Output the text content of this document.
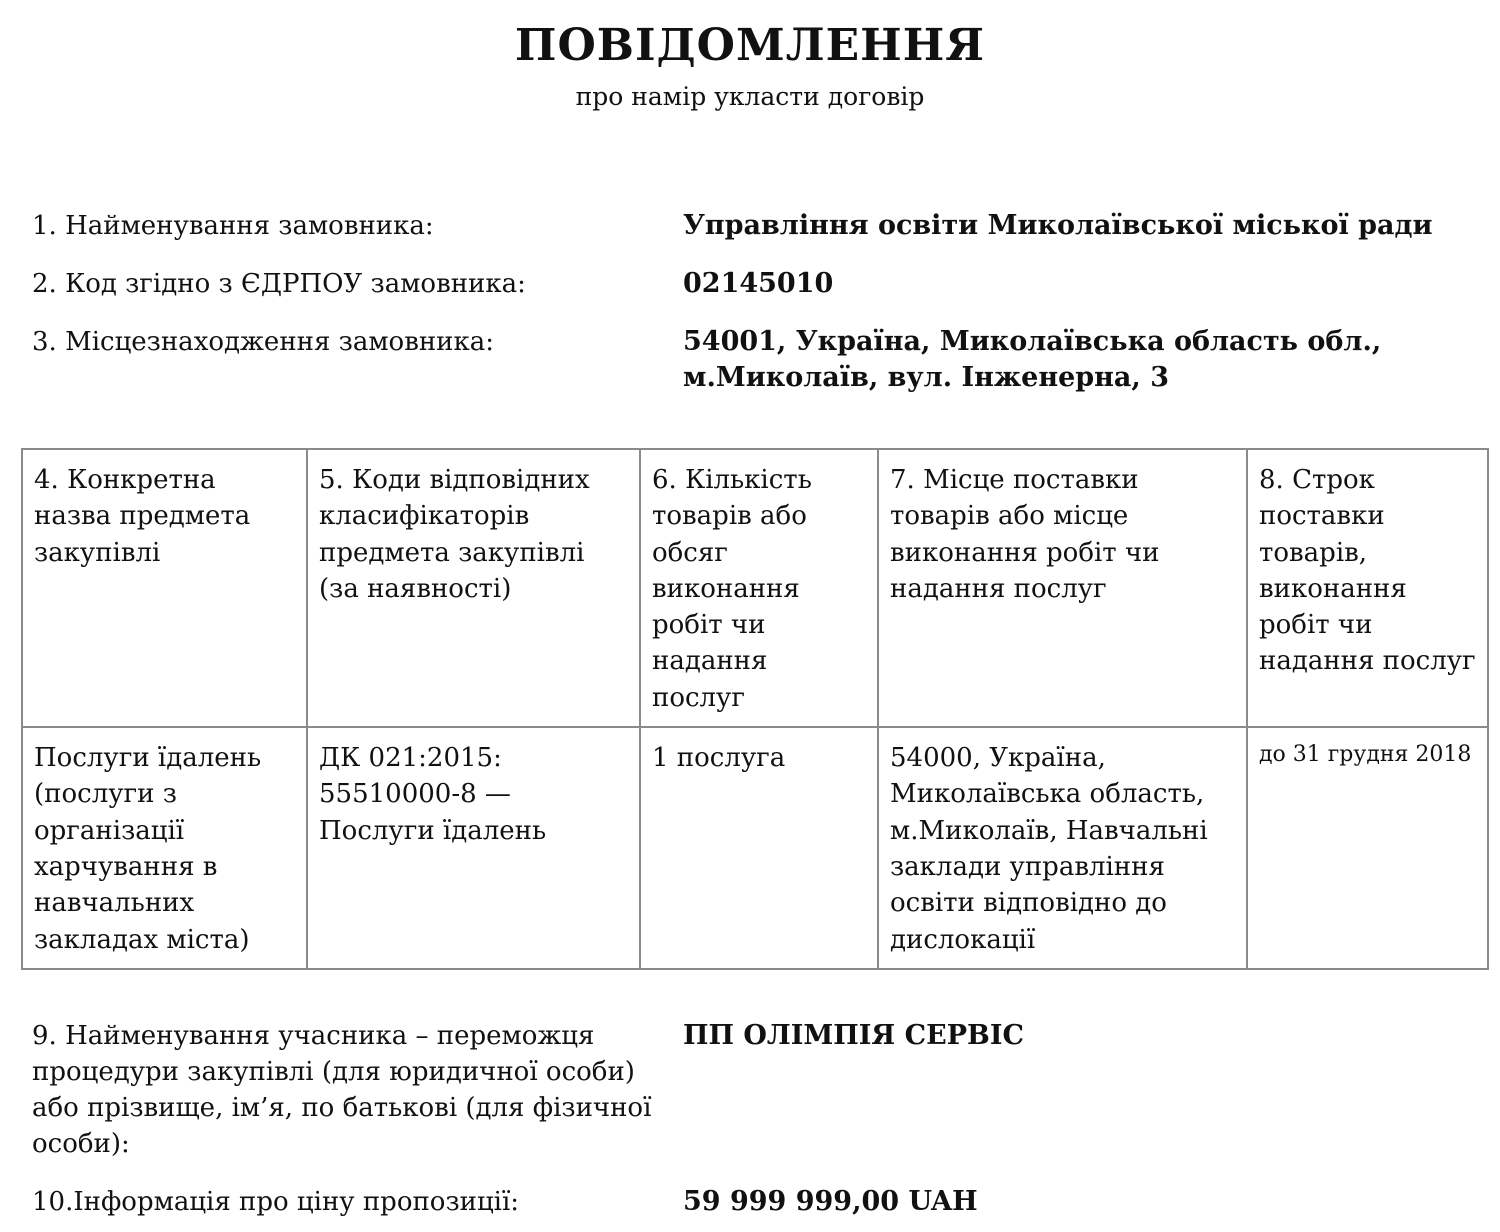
ПОВІДОМЛЕННЯ
про намір укласти договір
1. Найменування замовника:	Управління освіти Миколаївської міської ради
2. Код згідно з ЄДРПОУ замовника:	02145010
3. Місцезнаходження замовника:	54001, Україна, Миколаївська область обл., м.Миколаїв, вул. Інженерна, 3
4. Конкретна назва предмета закупівлі	5. Коди відповідних класифікаторів предмета закупівлі (за наявності)	6. Кількість товарів або обсяг виконання робіт чи надання послуг	7. Місце поставки товарів або місце виконання робіт чи надання послуг	8. Строк поставки товарів, виконання робіт чи надання послуг
Послуги їдалень (послуги з організації харчування в навчальних закладах міста)	ДК 021:2015: 55510000-8 — Послуги їдалень	1 послуга	54000, Україна, Миколаївська область, м.Миколаїв, Навчальні заклади управління освіти відповідно до дислокації	до 31 грудня 2018
9. Найменування учасника – переможця процедури закупівлі (для юридичної особи) або прізвище, ім’я, по батькові (для фізичної особи):
ПП ОЛІМПІЯ СЕРВІС
10.Інформація про ціну пропозиції:	59 999 999,00 UAH
